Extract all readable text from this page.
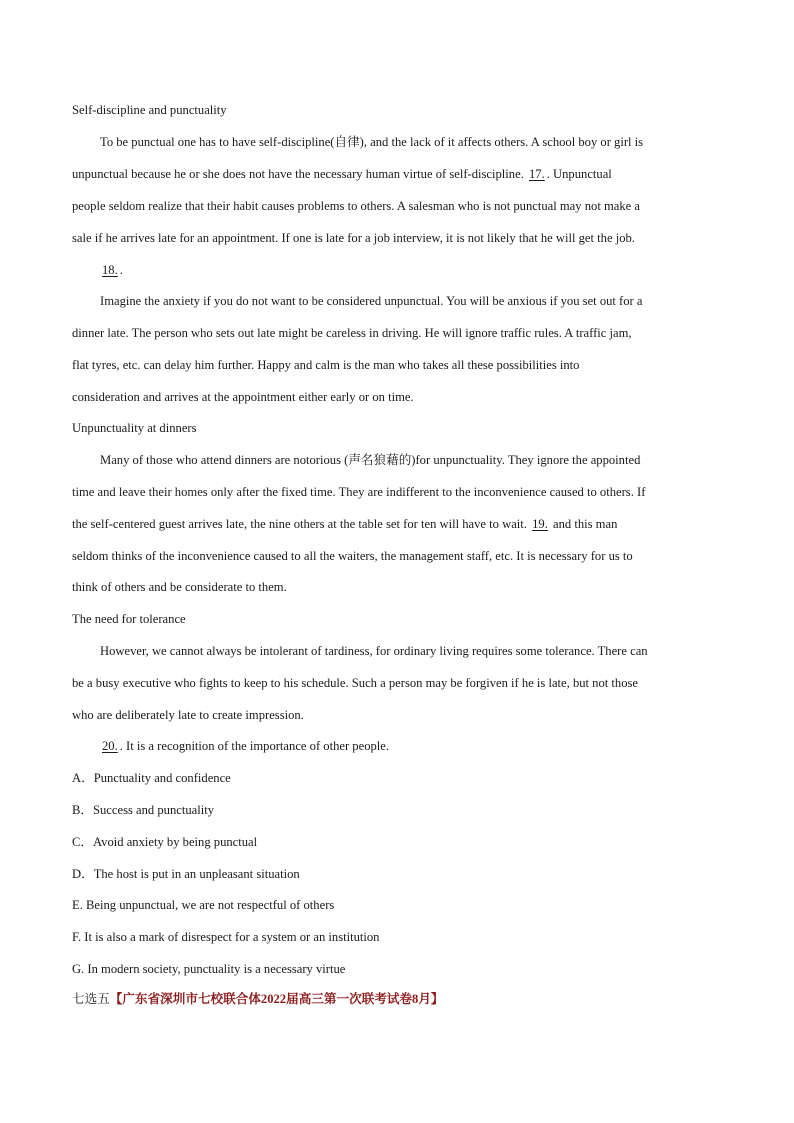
Self-discipline and punctuality
To be punctual one has to have self-discipline(自律), and the lack of it affects others. A school boy or girl is
unpunctual because he or she does not have the necessary human virtue of self-discipline. 17. . Unpunctual
people seldom realize that their habit causes problems to others. A salesman who is not punctual may not make a
sale if he arrives late for an appointment. If one is late for a job interview, it is not likely that he will get the job.
18. .
Imagine the anxiety if you do not want to be considered unpunctual. You will be anxious if you set out for a
dinner late. The person who sets out late might be careless in driving. He will ignore traffic rules. A traffic jam,
flat tyres, etc. can delay him further. Happy and calm is the man who takes all these possibilities into
consideration and arrives at the appointment either early or on time.
Unpunctuality at dinners
Many of those who attend dinners are notorious (声名狼藉的)for unpunctuality. They ignore the appointed
time and leave their homes only after the fixed time. They are indifferent to the inconvenience caused to others. If
the self-centered guest arrives late, the nine others at the table set for ten will have to wait. 19. and this man
seldom thinks of the inconvenience caused to all the waiters, the management staff, etc. It is necessary for us to
think of others and be considerate to them.
The need for tolerance
However, we cannot always be intolerant of tardiness, for ordinary living requires some tolerance. There can
be a busy executive who fights to keep to his schedule. Such a person may be forgiven if he is late, but not those
who are deliberately late to create impression.
20. . It is a recognition of the importance of other people.
A．Punctuality and confidence
B．Success and punctuality
C．Avoid anxiety by being punctual
D．The host is put in an unpleasant situation
E. Being unpunctual, we are not respectful of others
F. It is also a mark of disrespect for a system or an institution
G. In modern society, punctuality is a necessary virtue
七选五【广东省深圳市七校联合体2022届高三第一次联考试卷8月】
